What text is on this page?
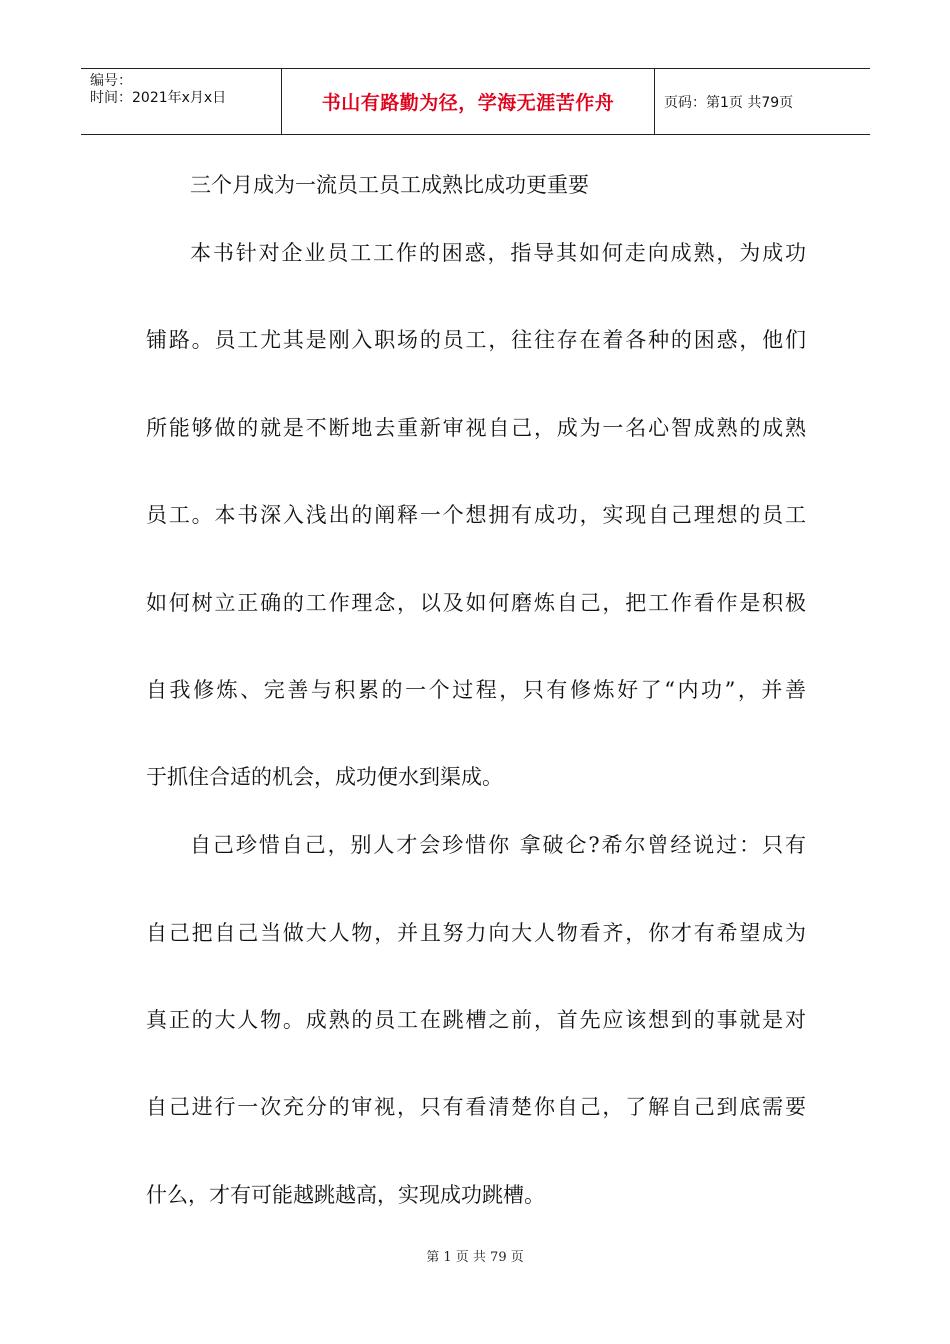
编号：
时间：2021年x月x日	书山有路勤为径，学海无涯苦作舟	页码：第1页 共79页
三个月成为一流员工员工成熟比成功更重要
本书针对企业员工工作的困惑，指导其如何走向成熟，为成功
铺路。员工尤其是刚入职场的员工，往往存在着各种的困惑，他们
所能够做的就是不断地去重新审视自己，成为一名心智成熟的成熟
员工。本书深入浅出的阐释一个想拥有成功，实现自己理想的员工
如何树立正确的工作理念，以及如何磨炼自己，把工作看作是积极
自我修炼、完善与积累的一个过程，只有修炼好了“内功”，并善
于抓住合适的机会，成功便水到渠成。
自己珍惜自己，别人才会珍惜你 拿破仑?希尔曾经说过：只有
自己把自己当做大人物，并且努力向大人物看齐，你才有希望成为
真正的大人物。成熟的员工在跳槽之前，首先应该想到的事就是对
自己进行一次充分的审视，只有看清楚你自己，了解自己到底需要
什么，才有可能越跳越高，实现成功跳槽。
第 1 页 共 79 页
